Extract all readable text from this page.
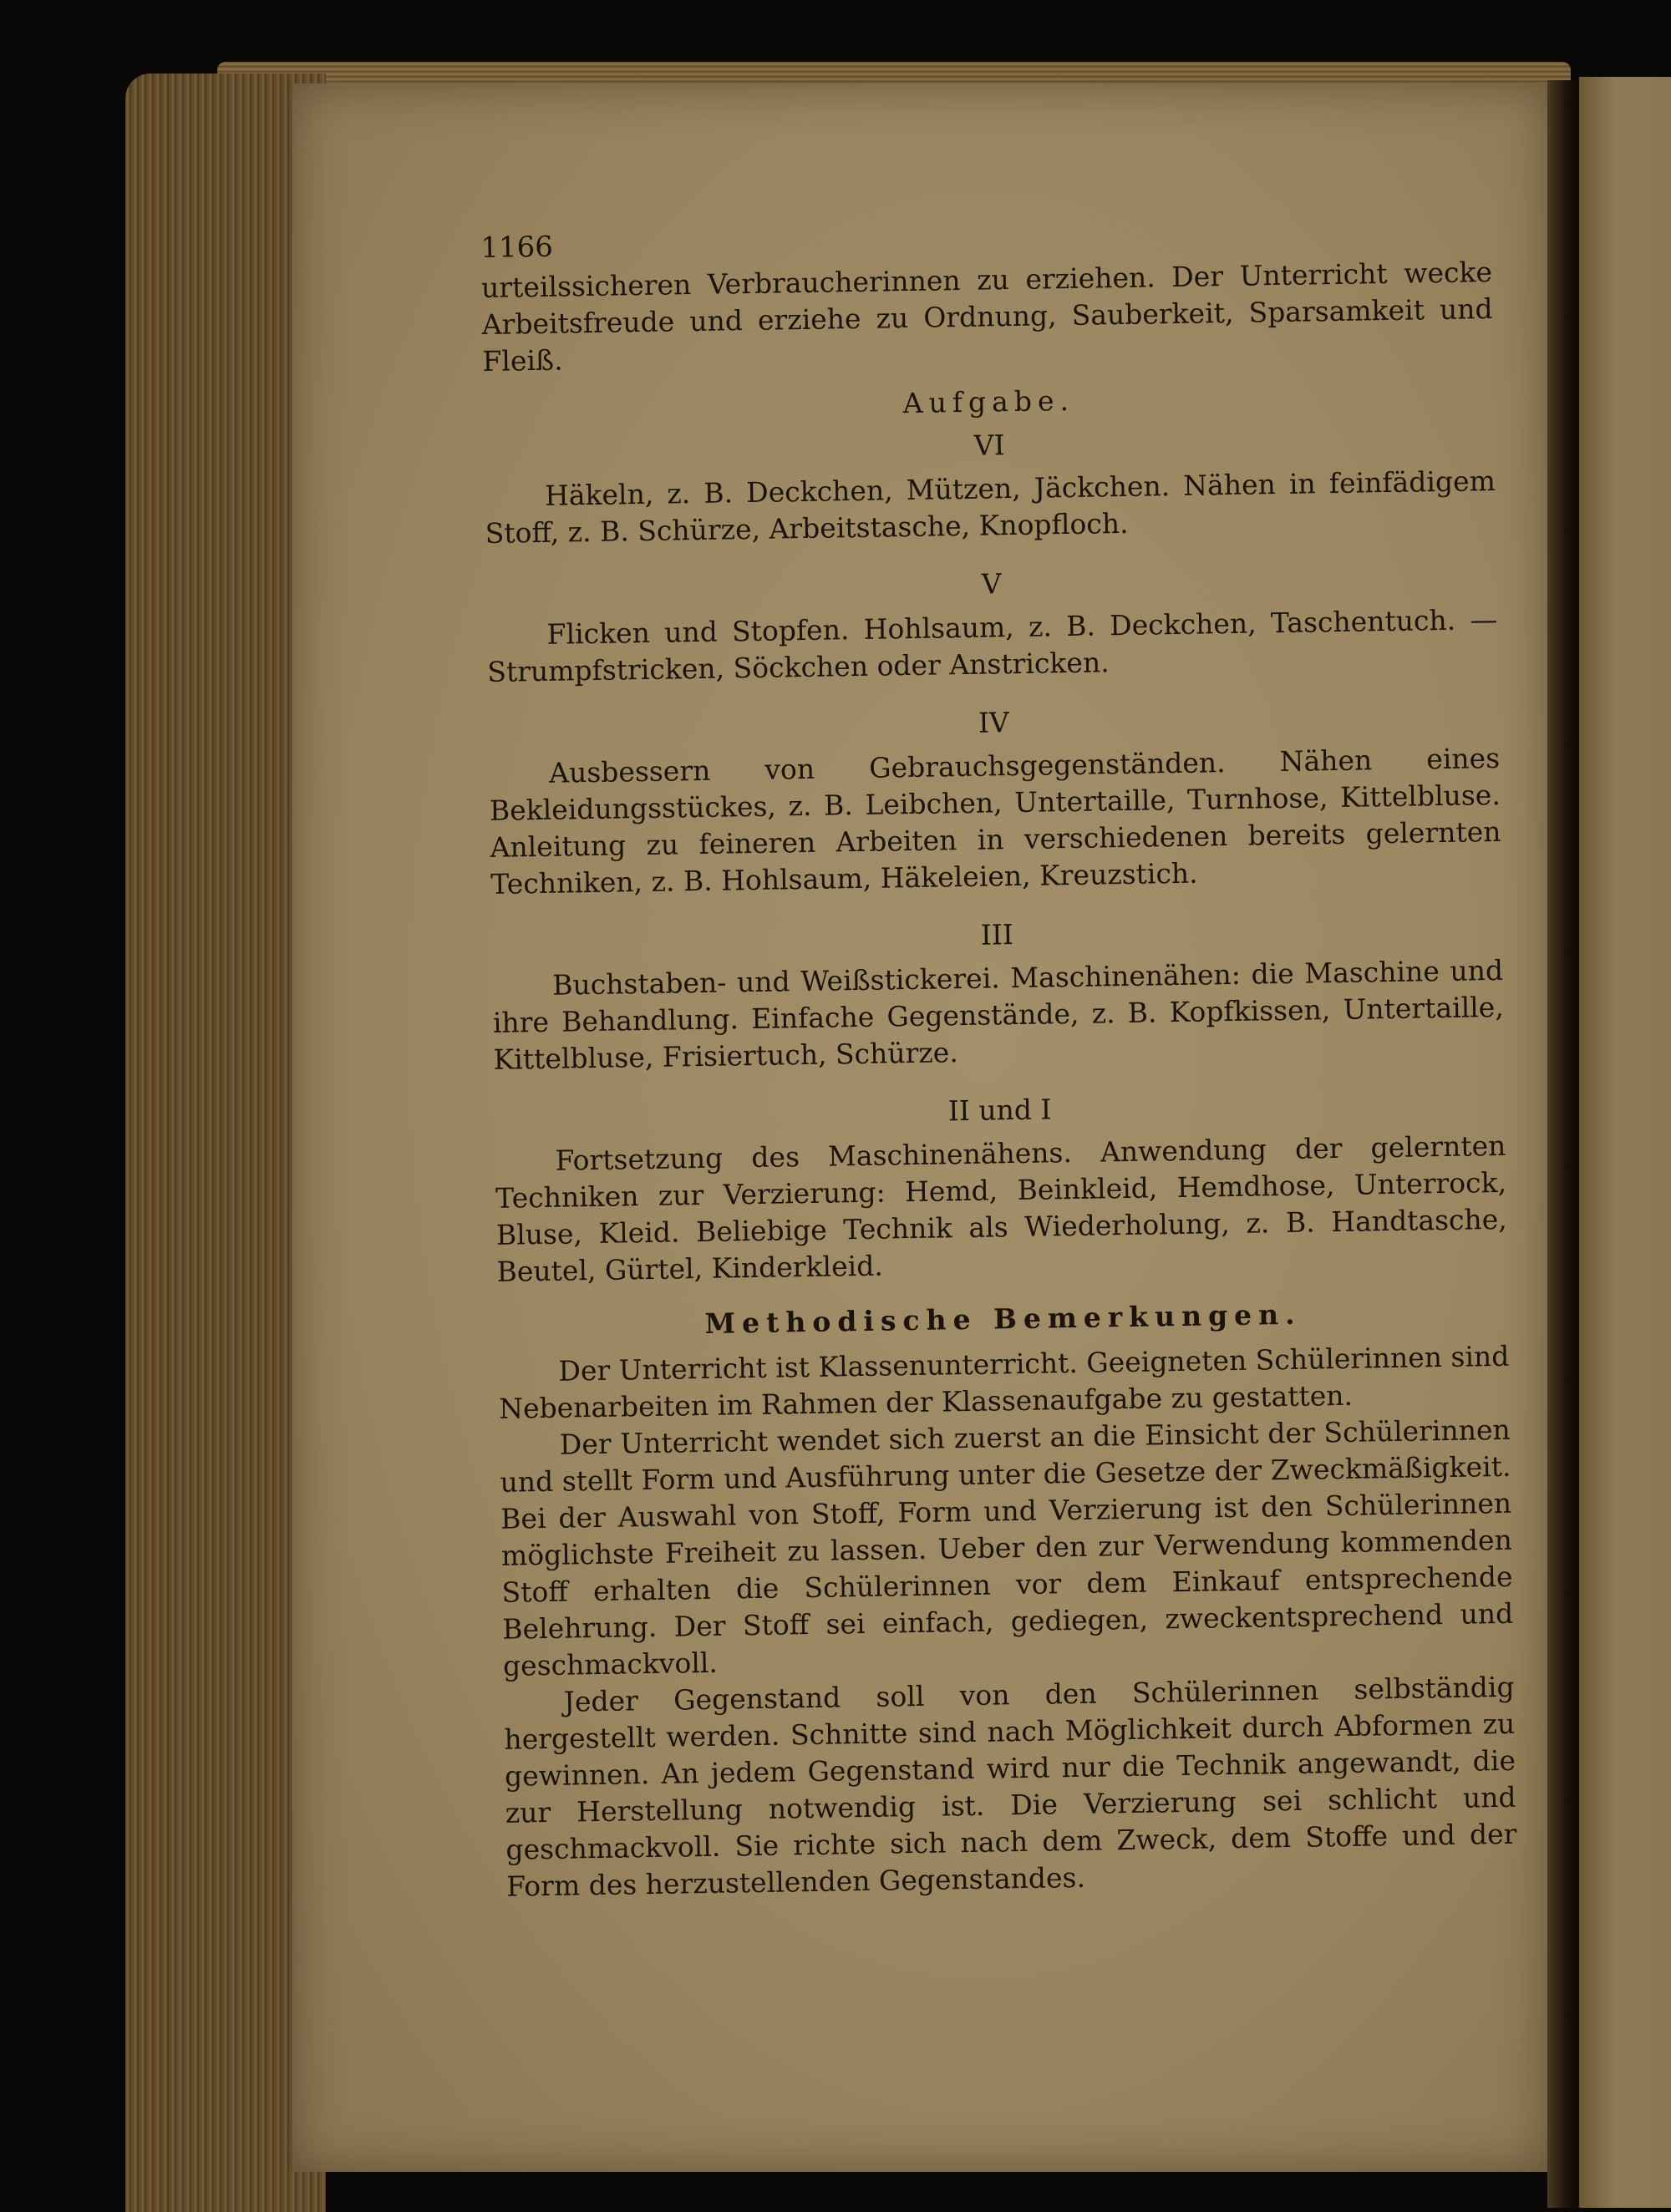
1166

urteilssicheren Verbraucherinnen zu erziehen. Der Unterricht wecke Arbeitsfreude und erziehe zu Ordnung, Sauberkeit, Sparsamkeit und Fleiß.

Aufgabe.
VI

Häkeln, z. B. Deckchen, Mützen, Jäckchen. Nähen in feinfädigem Stoff, z. B. Schürze, Arbeitstasche, Knopfloch.

V

Flicken und Stopfen. Hohlsaum, z. B. Deckchen, Taschentuch. — Strumpfstricken, Söckchen oder Anstricken.

IV

Ausbessern von Gebrauchsgegenständen. Nähen eines Bekleidungsstückes, z. B. Leibchen, Untertaille, Turnhose, Kittelbluse. Anleitung zu feineren Arbeiten in verschiedenen bereits gelernten Techniken, z. B. Hohlsaum, Häkeleien, Kreuzstich.

III

Buchstaben- und Weißstickerei. Maschinenähen: die Maschine und ihre Behandlung. Einfache Gegenstände, z. B. Kopfkissen, Untertaille, Kittelbluse, Frisiertuch, Schürze.

II und I

Fortsetzung des Maschinenähens. Anwendung der gelernten Techniken zur Verzierung: Hemd, Beinkleid, Hemdhose, Unterrock, Bluse, Kleid. Beliebige Technik als Wiederholung, z. B. Handtasche, Beutel, Gürtel, Kinderkleid.

Methodische Bemerkungen.

Der Unterricht ist Klassenunterricht. Geeigneten Schülerinnen sind Nebenarbeiten im Rahmen der Klassenaufgabe zu gestatten.

Der Unterricht wendet sich zuerst an die Einsicht der Schülerinnen und stellt Form und Ausführung unter die Gesetze der Zweckmäßigkeit. Bei der Auswahl von Stoff, Form und Verzierung ist den Schülerinnen möglichste Freiheit zu lassen. Ueber den zur Verwendung kommenden Stoff erhalten die Schülerinnen vor dem Einkauf entsprechende Belehrung. Der Stoff sei einfach, gediegen, zweckentsprechend und geschmackvoll.

Jeder Gegenstand soll von den Schülerinnen selbständig hergestellt werden. Schnitte sind nach Möglichkeit durch Abformen zu gewinnen. An jedem Gegenstand wird nur die Technik angewandt, die zur Herstellung notwendig ist. Die Verzierung sei schlicht und geschmackvoll. Sie richte sich nach dem Zweck, dem Stoffe und der Form des herzustellenden Gegenstandes.
